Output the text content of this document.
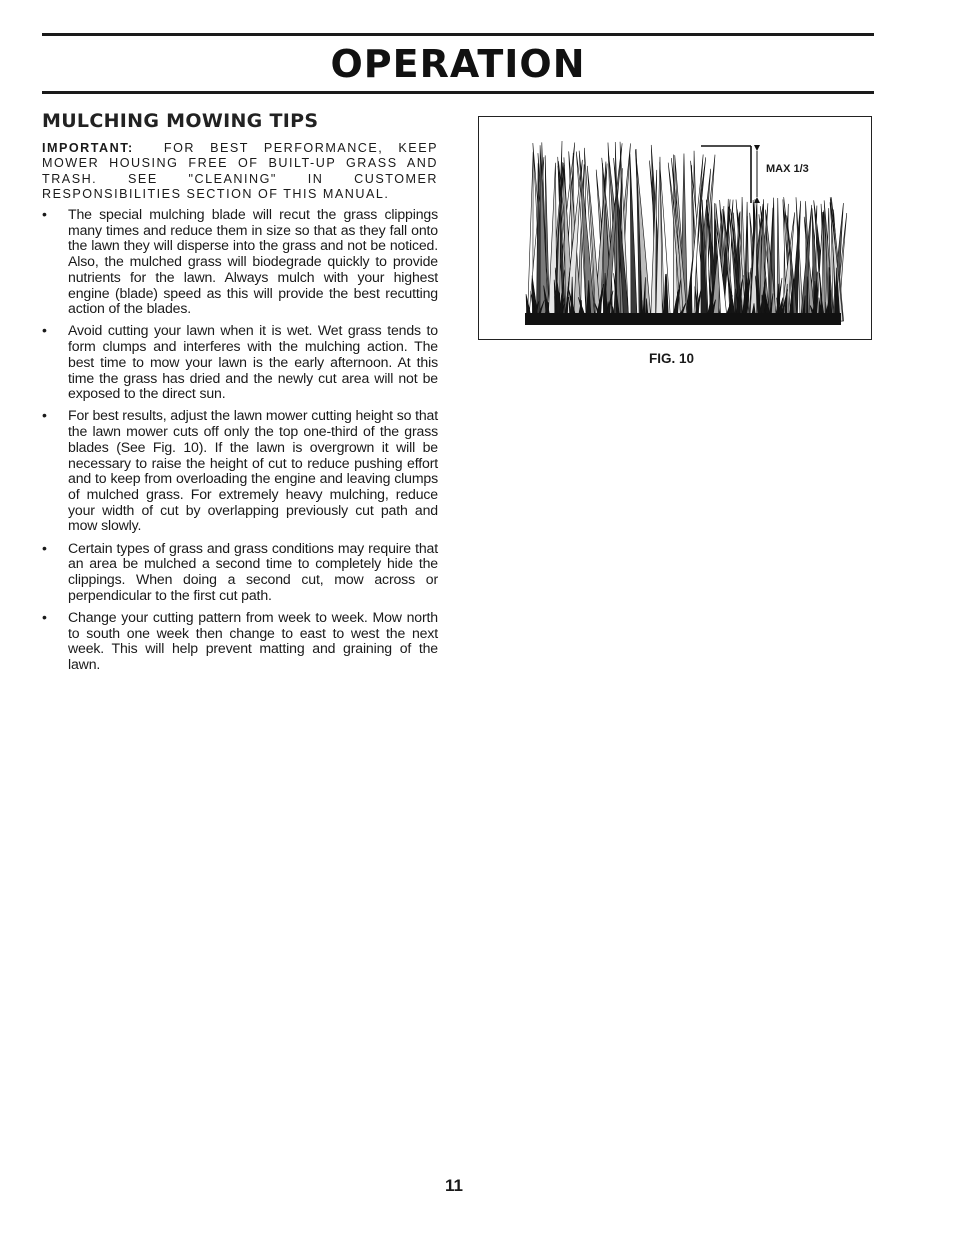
OPERATION
MULCHING MOWING TIPS
IMPORTANT: FOR BEST PERFORMANCE, KEEP MOWER HOUSING FREE OF BUILT-UP GRASS AND TRASH. SEE "CLEANING" IN CUSTOMER RESPONSIBILITIES SECTION OF THIS MANUAL.
• The special mulching blade will recut the grass clippings many times and reduce them in size so that as they fall onto the lawn they will disperse into the grass and not be noticed. Also, the mulched grass will biodegrade quickly to provide nutrients for the lawn. Always mulch with your highest engine (blade) speed as this will provide the best recutting action of the blades.
• Avoid cutting your lawn when it is wet. Wet grass tends to form clumps and interferes with the mulching action. The best time to mow your lawn is the early afternoon. At this time the grass has dried and the newly cut area will not be exposed to the direct sun.
• For best results, adjust the lawn mower cutting height so that the lawn mower cuts off only the top one-third of the grass blades (See Fig. 10). If the lawn is overgrown it will be necessary to raise the height of cut to reduce pushing effort and to keep from overloading the engine and leaving clumps of mulched grass. For extremely heavy mulching, reduce your width of cut by overlapping previously cut path and mow slowly.
• Certain types of grass and grass conditions may require that an area be mulched a second time to completely hide the clippings. When doing a second cut, mow across or perpendicular to the first cut path.
• Change your cutting pattern from week to week. Mow north to south one week then change to east to west the next week. This will help prevent matting and graining of the lawn.
MAX 1/3
FIG. 10
11
